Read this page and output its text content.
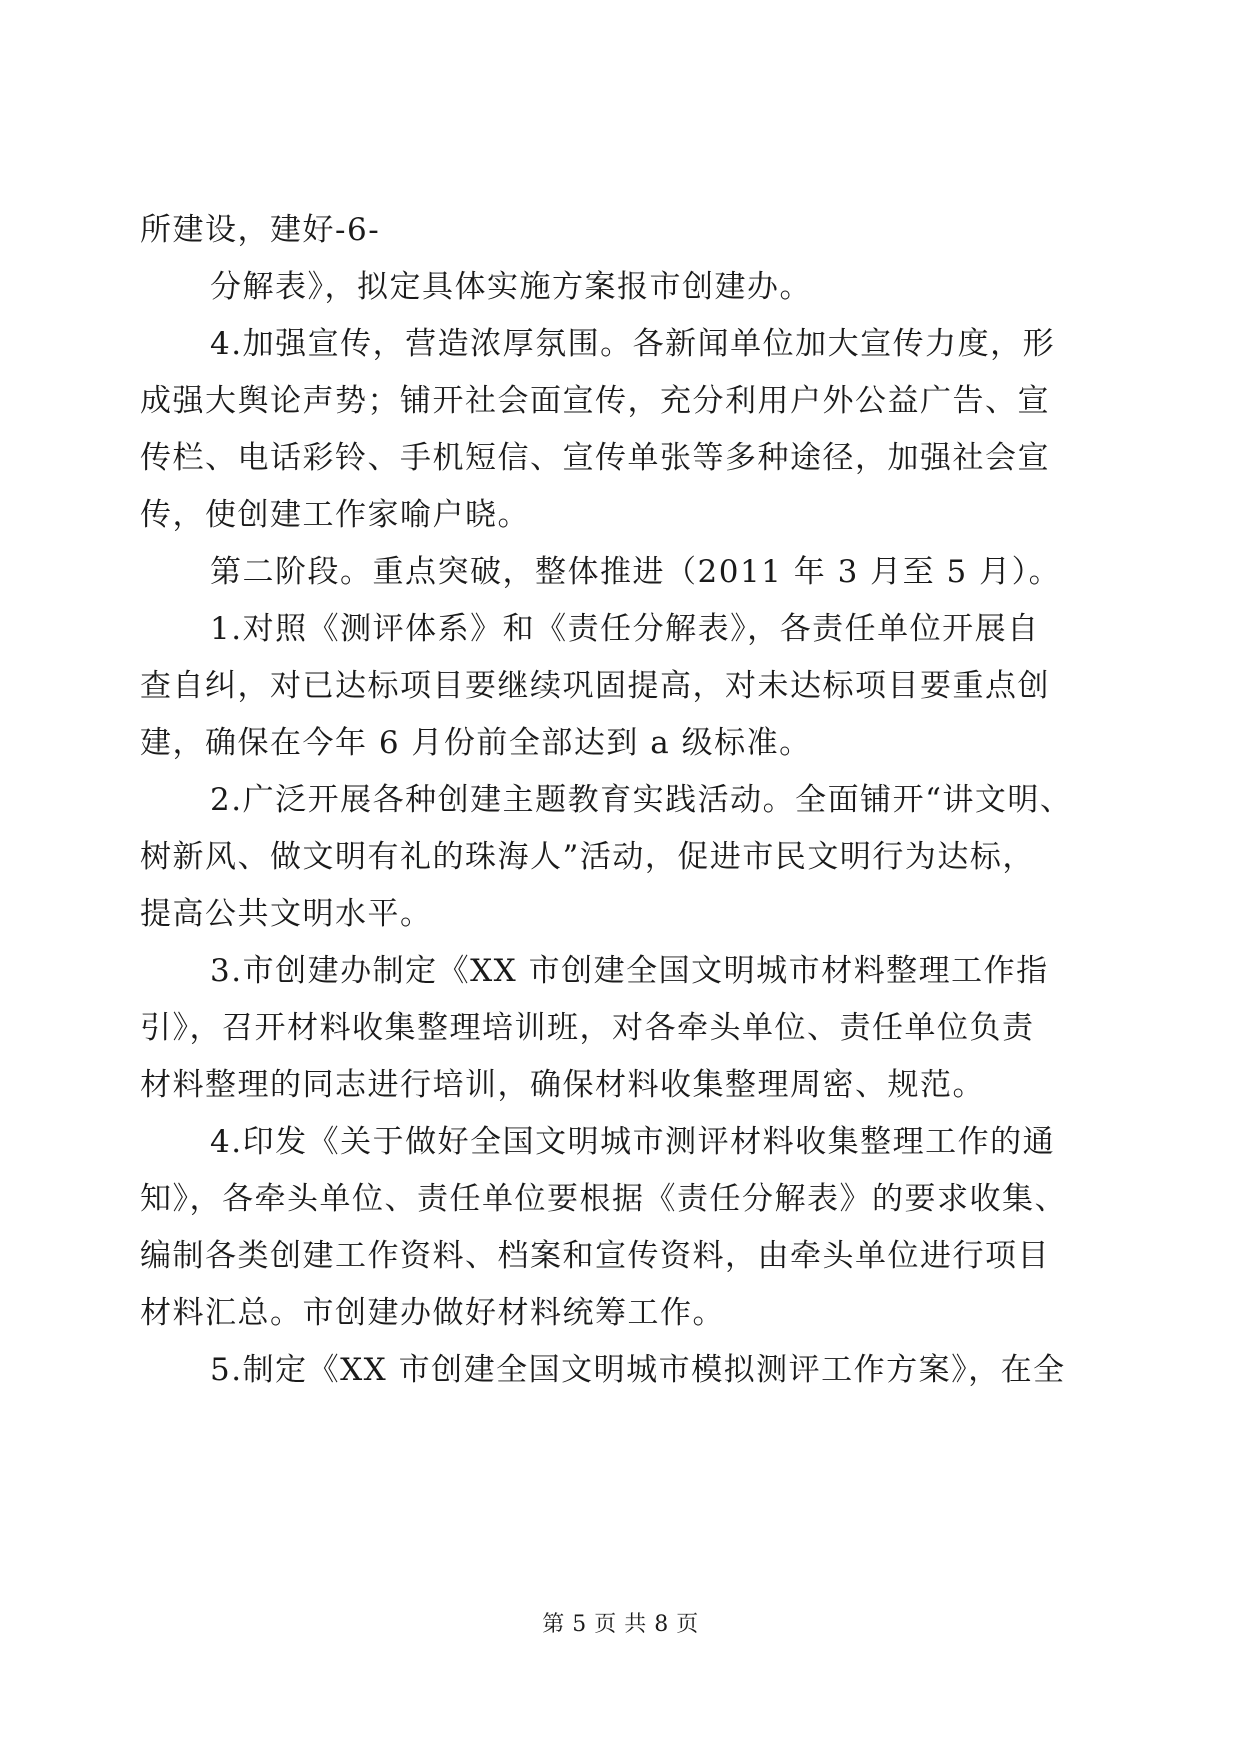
所建设，建好-6-
分解表》，拟定具体实施方案报市创建办。
4.加强宣传，营造浓厚氛围。各新闻单位加大宣传力度，形
成强大舆论声势；铺开社会面宣传，充分利用户外公益广告、宣
传栏、电话彩铃、手机短信、宣传单张等多种途径，加强社会宣
传，使创建工作家喻户晓。
第二阶段。重点突破，整体推进（2011 年 3 月至 5 月）。
1.对照《测评体系》和《责任分解表》，各责任单位开展自
查自纠，对已达标项目要继续巩固提高，对未达标项目要重点创
建，确保在今年 6 月份前全部达到 a 级标准。
2.广泛开展各种创建主题教育实践活动。全面铺开“讲文明、
树新风、做文明有礼的珠海人”活动，促进市民文明行为达标，
提高公共文明水平。
3.市创建办制定《XX 市创建全国文明城市材料整理工作指
引》，召开材料收集整理培训班，对各牵头单位、责任单位负责
材料整理的同志进行培训，确保材料收集整理周密、规范。
4.印发《关于做好全国文明城市测评材料收集整理工作的通
知》，各牵头单位、责任单位要根据《责任分解表》的要求收集、
编制各类创建工作资料、档案和宣传资料，由牵头单位进行项目
材料汇总。市创建办做好材料统筹工作。
5.制定《XX 市创建全国文明城市模拟测评工作方案》，在全
第 5 页 共 8 页
